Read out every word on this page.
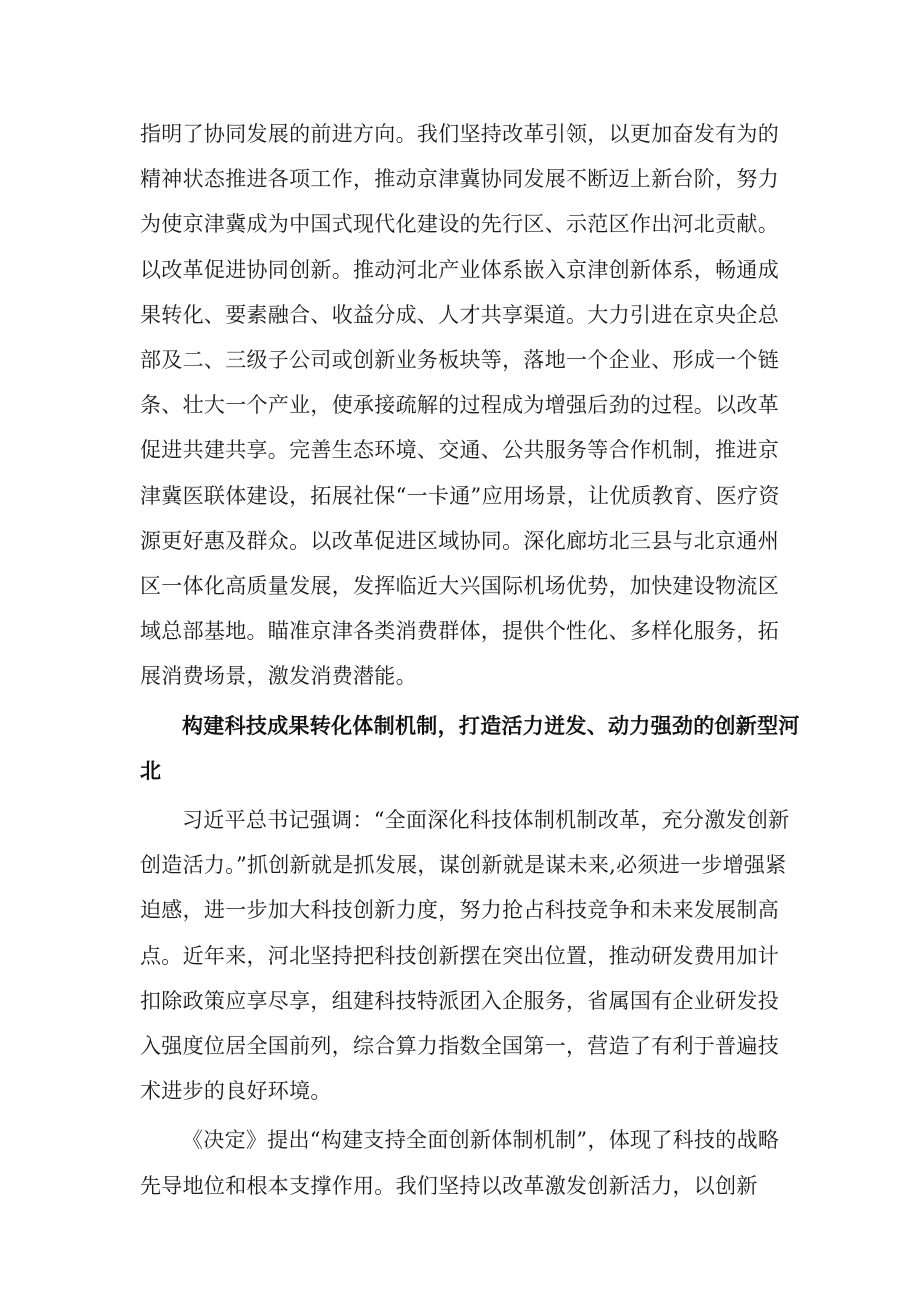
指明了协同发展的前进方向。我们坚持改革引领，以更加奋发有为的精神状态推进各项工作，推动京津冀协同发展不断迈上新台阶，努力为使京津冀成为中国式现代化建设的先行区、示范区作出河北贡献。以改革促进协同创新。推动河北产业体系嵌入京津创新体系，畅通成果转化、要素融合、收益分成、人才共享渠道。大力引进在京央企总部及二、三级子公司或创新业务板块等，落地一个企业、形成一个链条、壮大一个产业，使承接疏解的过程成为增强后劲的过程。以改革促进共建共享。完善生态环境、交通、公共服务等合作机制，推进京津冀医联体建设，拓展社保“一卡通”应用场景，让优质教育、医疗资源更好惠及群众。以改革促进区域协同。深化廊坊北三县与北京通州区一体化高质量发展，发挥临近大兴国际机场优势，加快建设物流区域总部基地。瞄准京津各类消费群体，提供个性化、多样化服务，拓展消费场景，激发消费潜能。

构建科技成果转化体制机制，打造活力迸发、动力强劲的创新型河北

习近平总书记强调：“全面深化科技体制机制改革，充分激发创新创造活力。”抓创新就是抓发展，谋创新就是谋未来,必须进一步增强紧迫感，进一步加大科技创新力度，努力抢占科技竞争和未来发展制高点。近年来，河北坚持把科技创新摆在突出位置，推动研发费用加计扣除政策应享尽享，组建科技特派团入企服务，省属国有企业研发投入强度位居全国前列，综合算力指数全国第一，营造了有利于普遍技术进步的良好环境。

《决定》提出“构建支持全面创新体制机制”，体现了科技的战略先导地位和根本支撑作用。我们坚持以改革激发创新活力，以创新
